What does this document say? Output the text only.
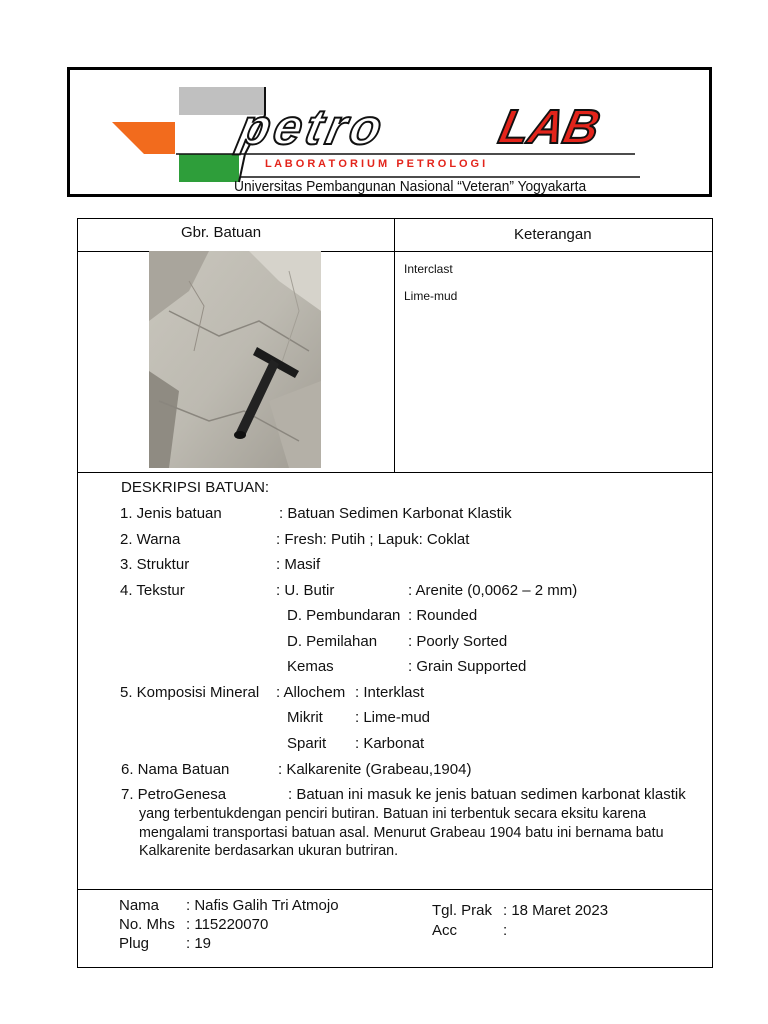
petro LAB
L A B O R A T O R I U M   P E T R O L O G I
Universitas Pembangunan Nasional “Veteran” Yogyakarta
Gbr. Batuan	Keterangan
Interclast
Lime-mud
DESKRIPSI BATUAN:
1. Jenis batuan	: Batuan Sedimen Karbonat Klastik
2. Warna	: Fresh: Putih ; Lapuk: Coklat
3. Struktur	: Masif
4. Tekstur	: U. Butir	: Arenite (0,0062 – 2 mm)
D. Pembundaran : Rounded
D. Pemilahan : Poorly Sorted
Kemas	: Grain Supported
5. Komposisi Mineral : Allochem : Interklast
Mikrit : Lime-mud
Sparit : Karbonat
6. Nama Batuan	: Kalkarenite (Grabeau,1904)
7. PetroGenesa	: Batuan ini masuk ke jenis batuan sedimen karbonat klastik
yang terbentukdengan penciri butiran. Batuan ini terbentuk secara eksitu karena
mengalami transportasi batuan asal. Menurut Grabeau 1904 batu ini bernama batu
Kalkarenite berdasarkan ukuran butriran.
Nama : Nafis Galih Tri Atmojo
No. Mhs : 115220070
Plug : 19
Tgl. Prak : 18 Maret 2023
Acc	:
